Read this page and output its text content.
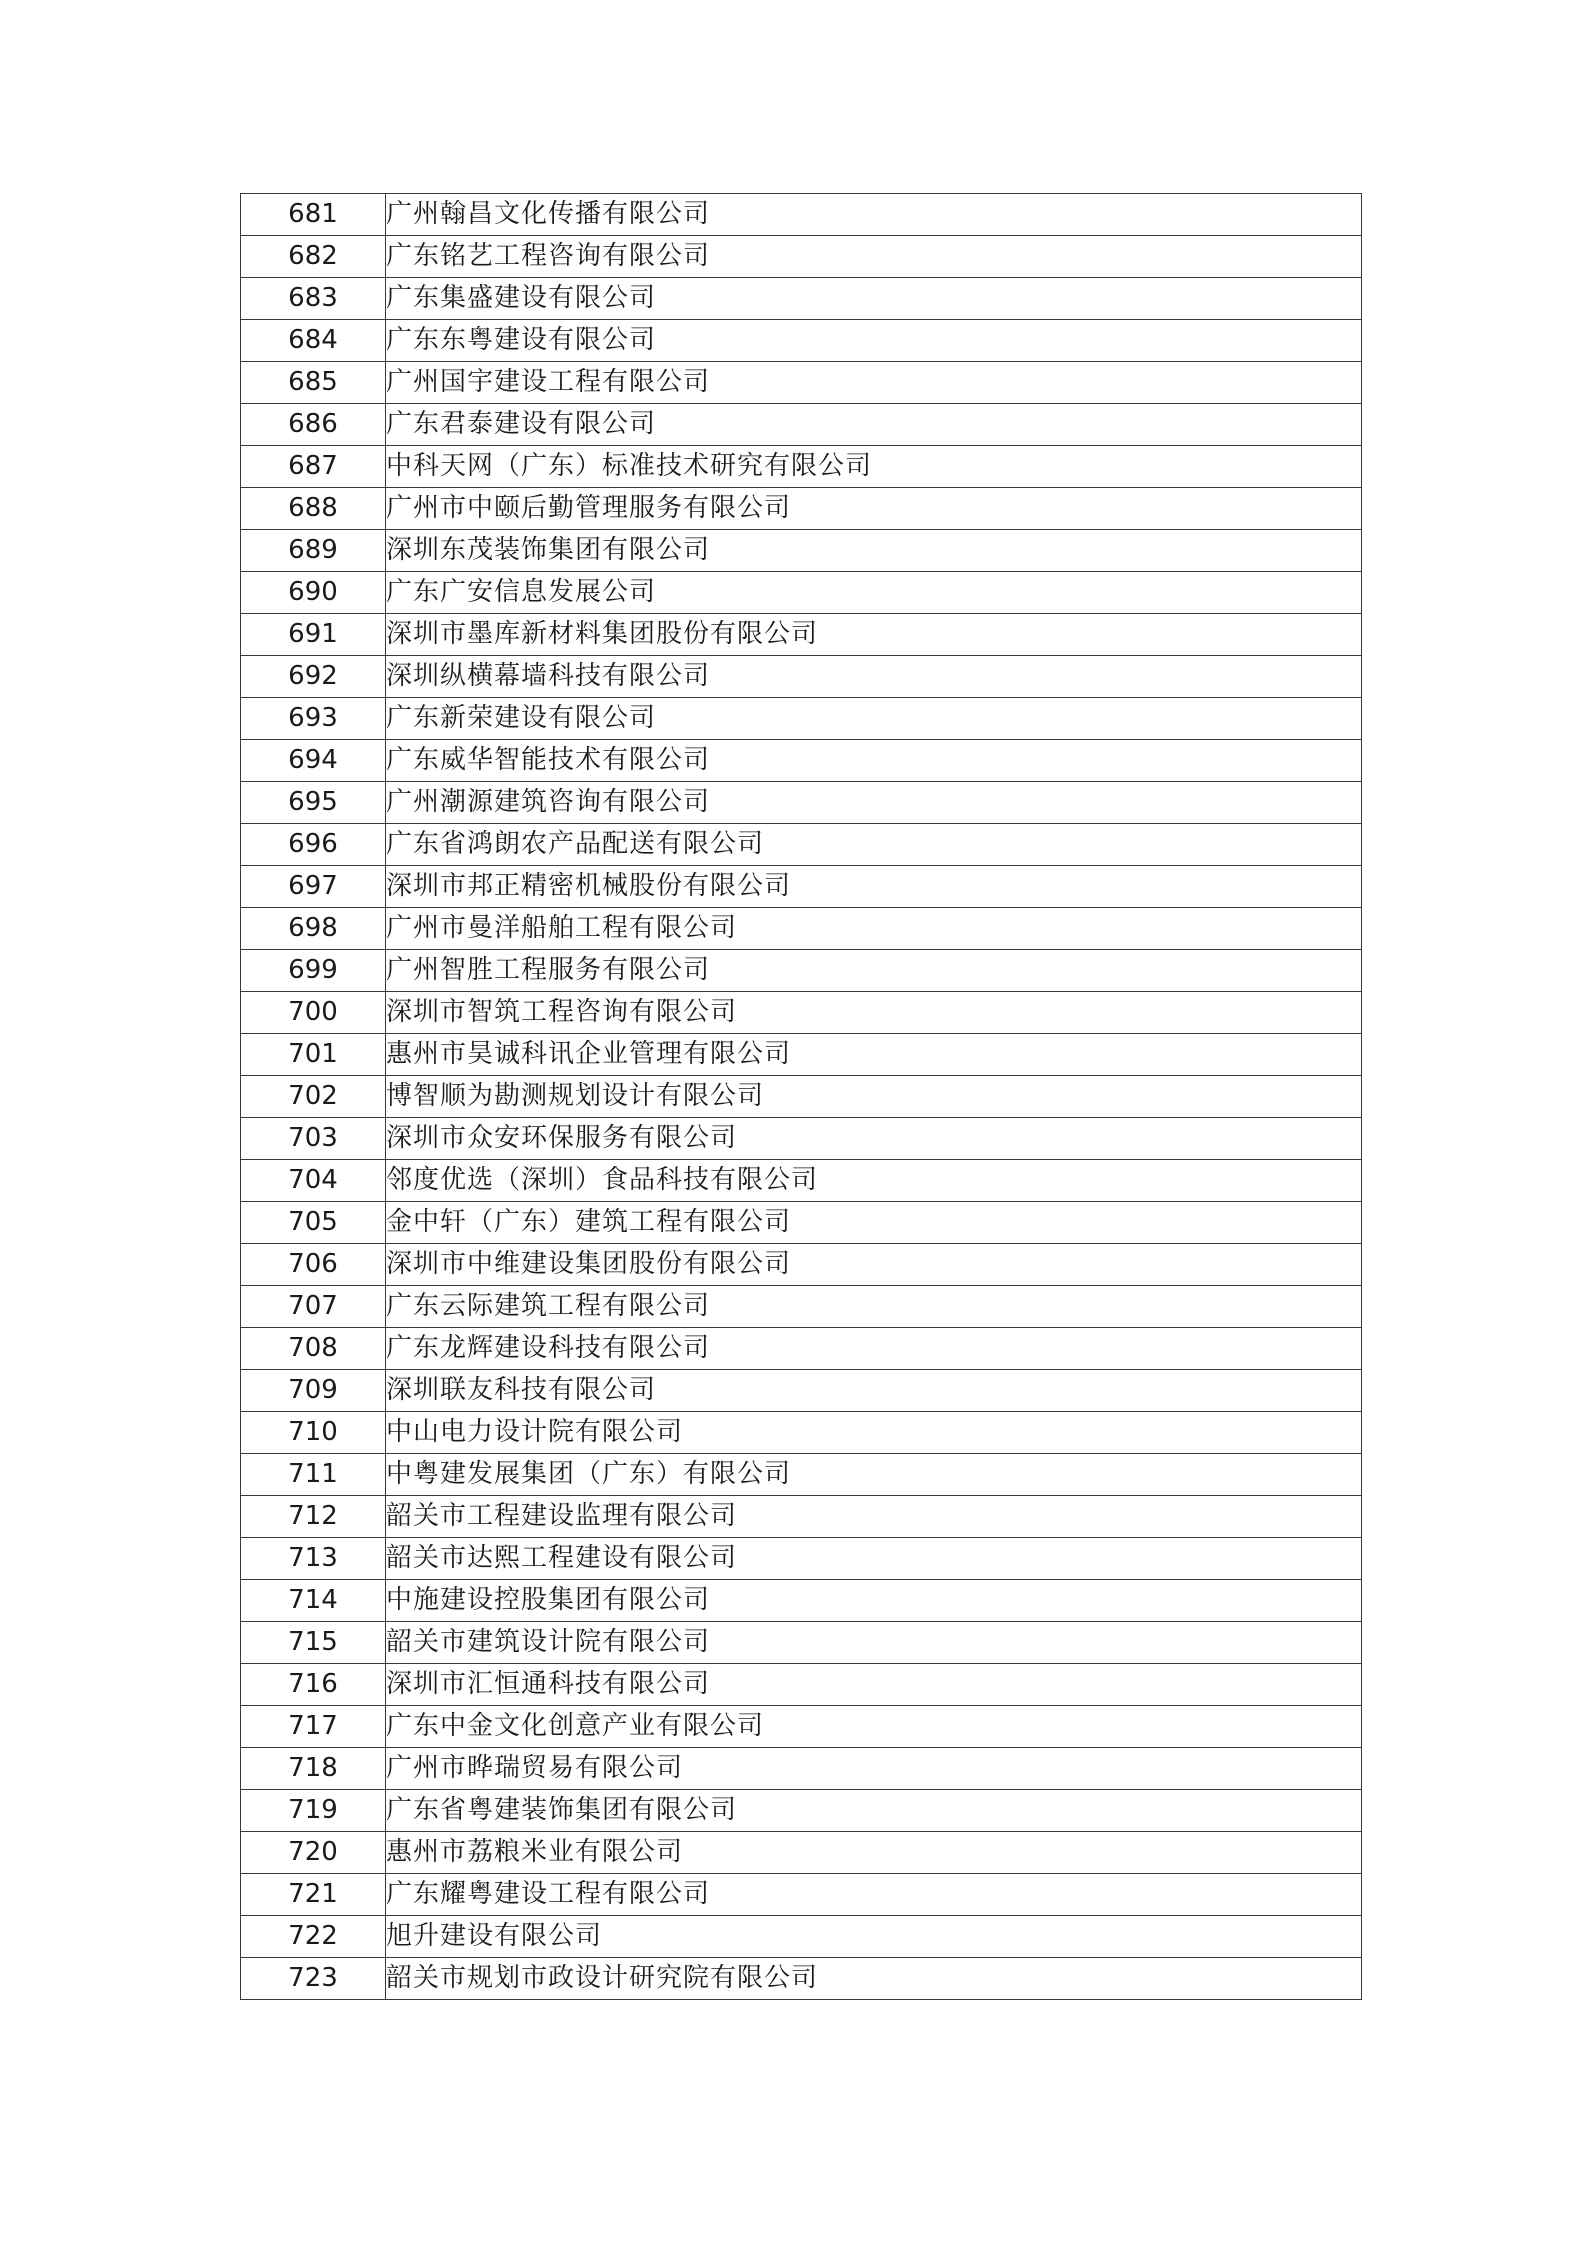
681	广州翰昌文化传播有限公司
682	广东铭艺工程咨询有限公司
683	广东集盛建设有限公司
684	广东东粤建设有限公司
685	广州国宇建设工程有限公司
686	广东君泰建设有限公司
687	中科天网（广东）标准技术研究有限公司
688	广州市中颐后勤管理服务有限公司
689	深圳东茂装饰集团有限公司
690	广东广安信息发展公司
691	深圳市墨库新材料集团股份有限公司
692	深圳纵横幕墙科技有限公司
693	广东新荣建设有限公司
694	广东威华智能技术有限公司
695	广州潮源建筑咨询有限公司
696	广东省鸿朗农产品配送有限公司
697	深圳市邦正精密机械股份有限公司
698	广州市曼洋船舶工程有限公司
699	广州智胜工程服务有限公司
700	深圳市智筑工程咨询有限公司
701	惠州市昊诚科讯企业管理有限公司
702	博智顺为勘测规划设计有限公司
703	深圳市众安环保服务有限公司
704	邻度优选（深圳）食品科技有限公司
705	金中轩（广东）建筑工程有限公司
706	深圳市中维建设集团股份有限公司
707	广东云际建筑工程有限公司
708	广东龙辉建设科技有限公司
709	深圳联友科技有限公司
710	中山电力设计院有限公司
711	中粤建发展集团（广东）有限公司
712	韶关市工程建设监理有限公司
713	韶关市达熙工程建设有限公司
714	中施建设控股集团有限公司
715	韶关市建筑设计院有限公司
716	深圳市汇恒通科技有限公司
717	广东中金文化创意产业有限公司
718	广州市晔瑞贸易有限公司
719	广东省粤建装饰集团有限公司
720	惠州市荔粮米业有限公司
721	广东耀粤建设工程有限公司
722	旭升建设有限公司
723	韶关市规划市政设计研究院有限公司
